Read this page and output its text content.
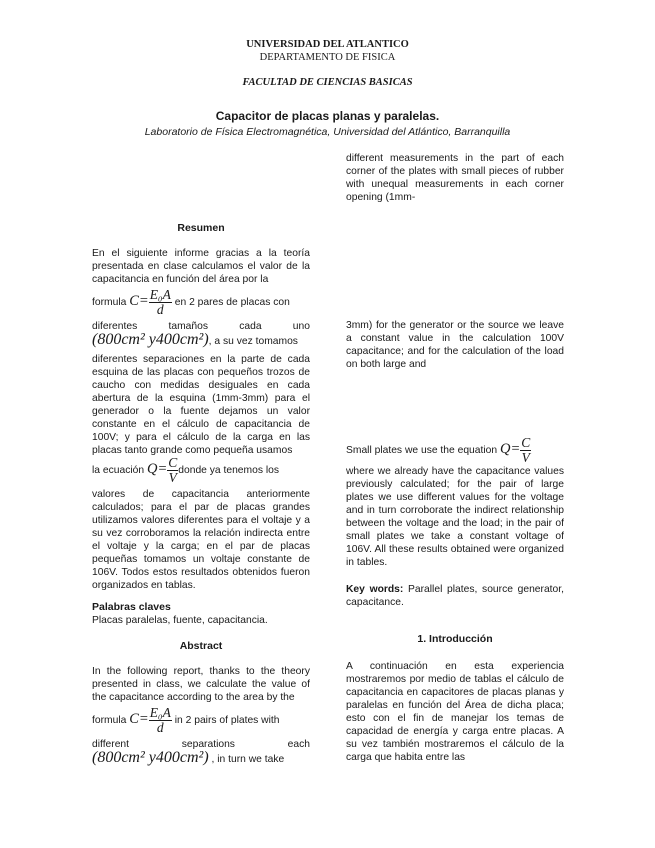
UNIVERSIDAD DEL ATLANTICO
DEPARTAMENTO DE FISICA
FACULTAD DE CIENCIAS BASICAS
Capacitor de placas planas y paralelas.
Laboratorio de Física Electromagnética, Universidad del Atlántico, Barranquilla
Resumen

En el siguiente informe gracias a la teoría presentada en clase calculamos el valor de la capacitancia en función del área por la

formula $C= \frac{\text{E₀A}}{d}$ en 2 pares de placas con
diferentes tamaños cada uno
(800cm² y400cm²), a su vez tomamos

diferentes separaciones en la parte de cada esquina de las placas con pequeños trozos de caucho con medidas desiguales en cada abertura de la esquina (1mm-3mm) para el generador o la fuente dejamos un valor constante en el cálculo de capacitancia de 100V; y para el cálculo de la carga en las placas tanto grande como pequeña usamos

la ecuación $Q= \frac{C}{V}$ donde ya tenemos los

valores de capacitancia anteriormente calculados; para el par de placas grandes utilizamos valores diferentes para el voltaje y a su vez corroboramos la relación indirecta entre el voltaje y la carga; en el par de placas pequeñas tomamos un voltaje constante de 106V. Todos estos resultados obtenidos fueron organizados en tablas.

Palabras claves
Placas paralelas, fuente, capacitancia.
Abstract

In the following report, thanks to the theory presented in class, we calculate the value of the capacitance according to the area by the

formula $C= \frac{\text{E₀A}}{d}$ in 2 pairs of plates with
different separations each
(800cm² y400cm²) , in turn we take

different measurements in the part of each corner of the plates with small pieces of rubber with unequal measurements in each corner opening (1mm-

3mm) for the generator or the source we leave a constant value in the calculation 100V capacitance; and for the calculation of the load on both large and

Small plates we use the equation $Q= \frac{C}{V}$

where we already have the capacitance values previously calculated; for the pair of large plates we use different values for the voltage and in turn corroborate the indirect relationship between the voltage and the load; in the pair of small plates we take a constant voltage of 106V. All these results obtained were organized in tables.

Key words: Parallel plates, source generator, capacitance.
1. Introducción

A continuación en esta experiencia mostraremos por medio de tablas el cálculo de capacitancia en capacitores de placas planas y paralelas en función del Área de dicha placa; esto con el fin de manejar los temas de capacidad de energía y carga entre placas. A su vez también mostraremos el cálculo de la carga que habita entre las
